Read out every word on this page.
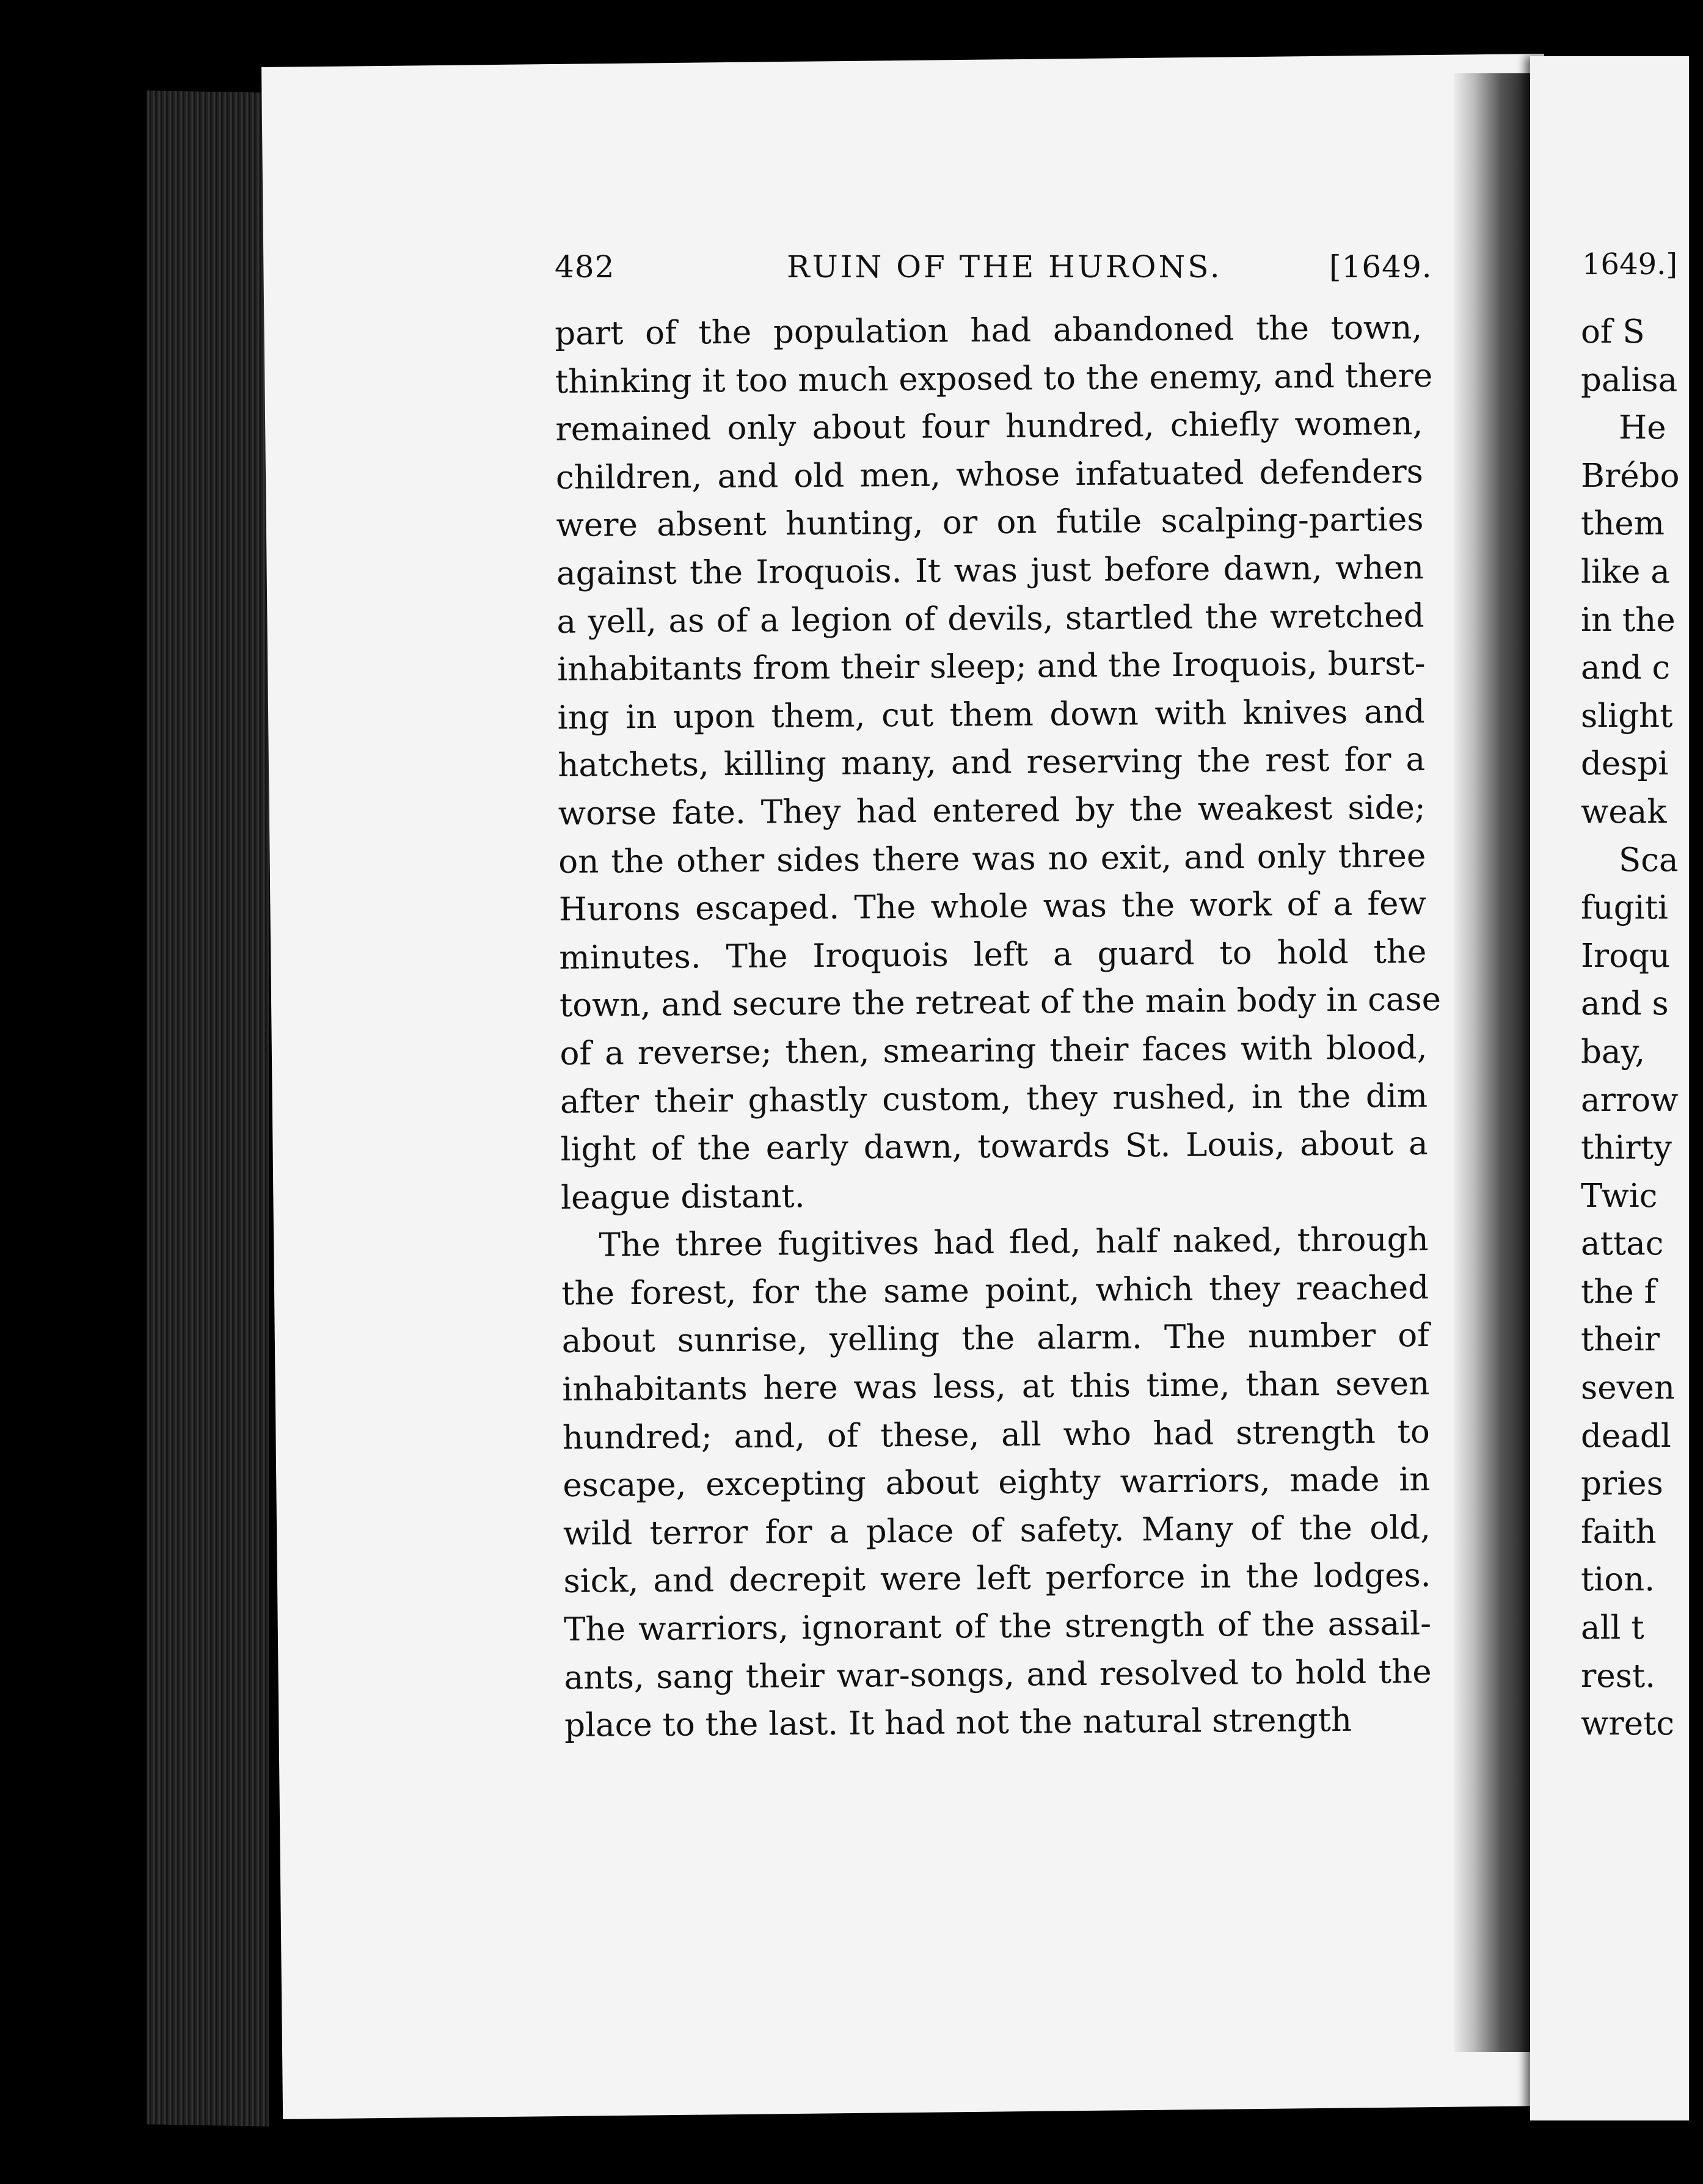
482	RUIN OF THE HURONS.	[1649.
part of the population had abandoned the town,
thinking it too much exposed to the enemy, and there
remained only about four hundred, chiefly women,
children, and old men, whose infatuated defenders
were absent hunting, or on futile scalping-parties
against the Iroquois. It was just before dawn, when
a yell, as of a legion of devils, startled the wretched
inhabitants from their sleep; and the Iroquois, burst-
ing in upon them, cut them down with knives and
hatchets, killing many, and reserving the rest for a
worse fate. They had entered by the weakest side;
on the other sides there was no exit, and only three
Hurons escaped. The whole was the work of a few
minutes. The Iroquois left a guard to hold the
town, and secure the retreat of the main body in case
of a reverse; then, smearing their faces with blood,
after their ghastly custom, they rushed, in the dim
light of the early dawn, towards St. Louis, about a
league distant.
The three fugitives had fled, half naked, through
the forest, for the same point, which they reached
about sunrise, yelling the alarm. The number of
inhabitants here was less, at this time, than seven
hundred; and, of these, all who had strength to
escape, excepting about eighty warriors, made in
wild terror for a place of safety. Many of the old,
sick, and decrepit were left perforce in the lodges.
The warriors, ignorant of the strength of the assail-
ants, sang their war-songs, and resolved to hold the
place to the last. It had not the natural strength
1649.]
of S
palisa
He
Brébo
them
like a
in the
and c
slight
despi
weak
Sca
fugiti
Iroqu
and s
bay,
arrow
thirty
Twic
attac
the f
their
seven
deadl
pries
faith
tion.
all t
rest.
wretc
